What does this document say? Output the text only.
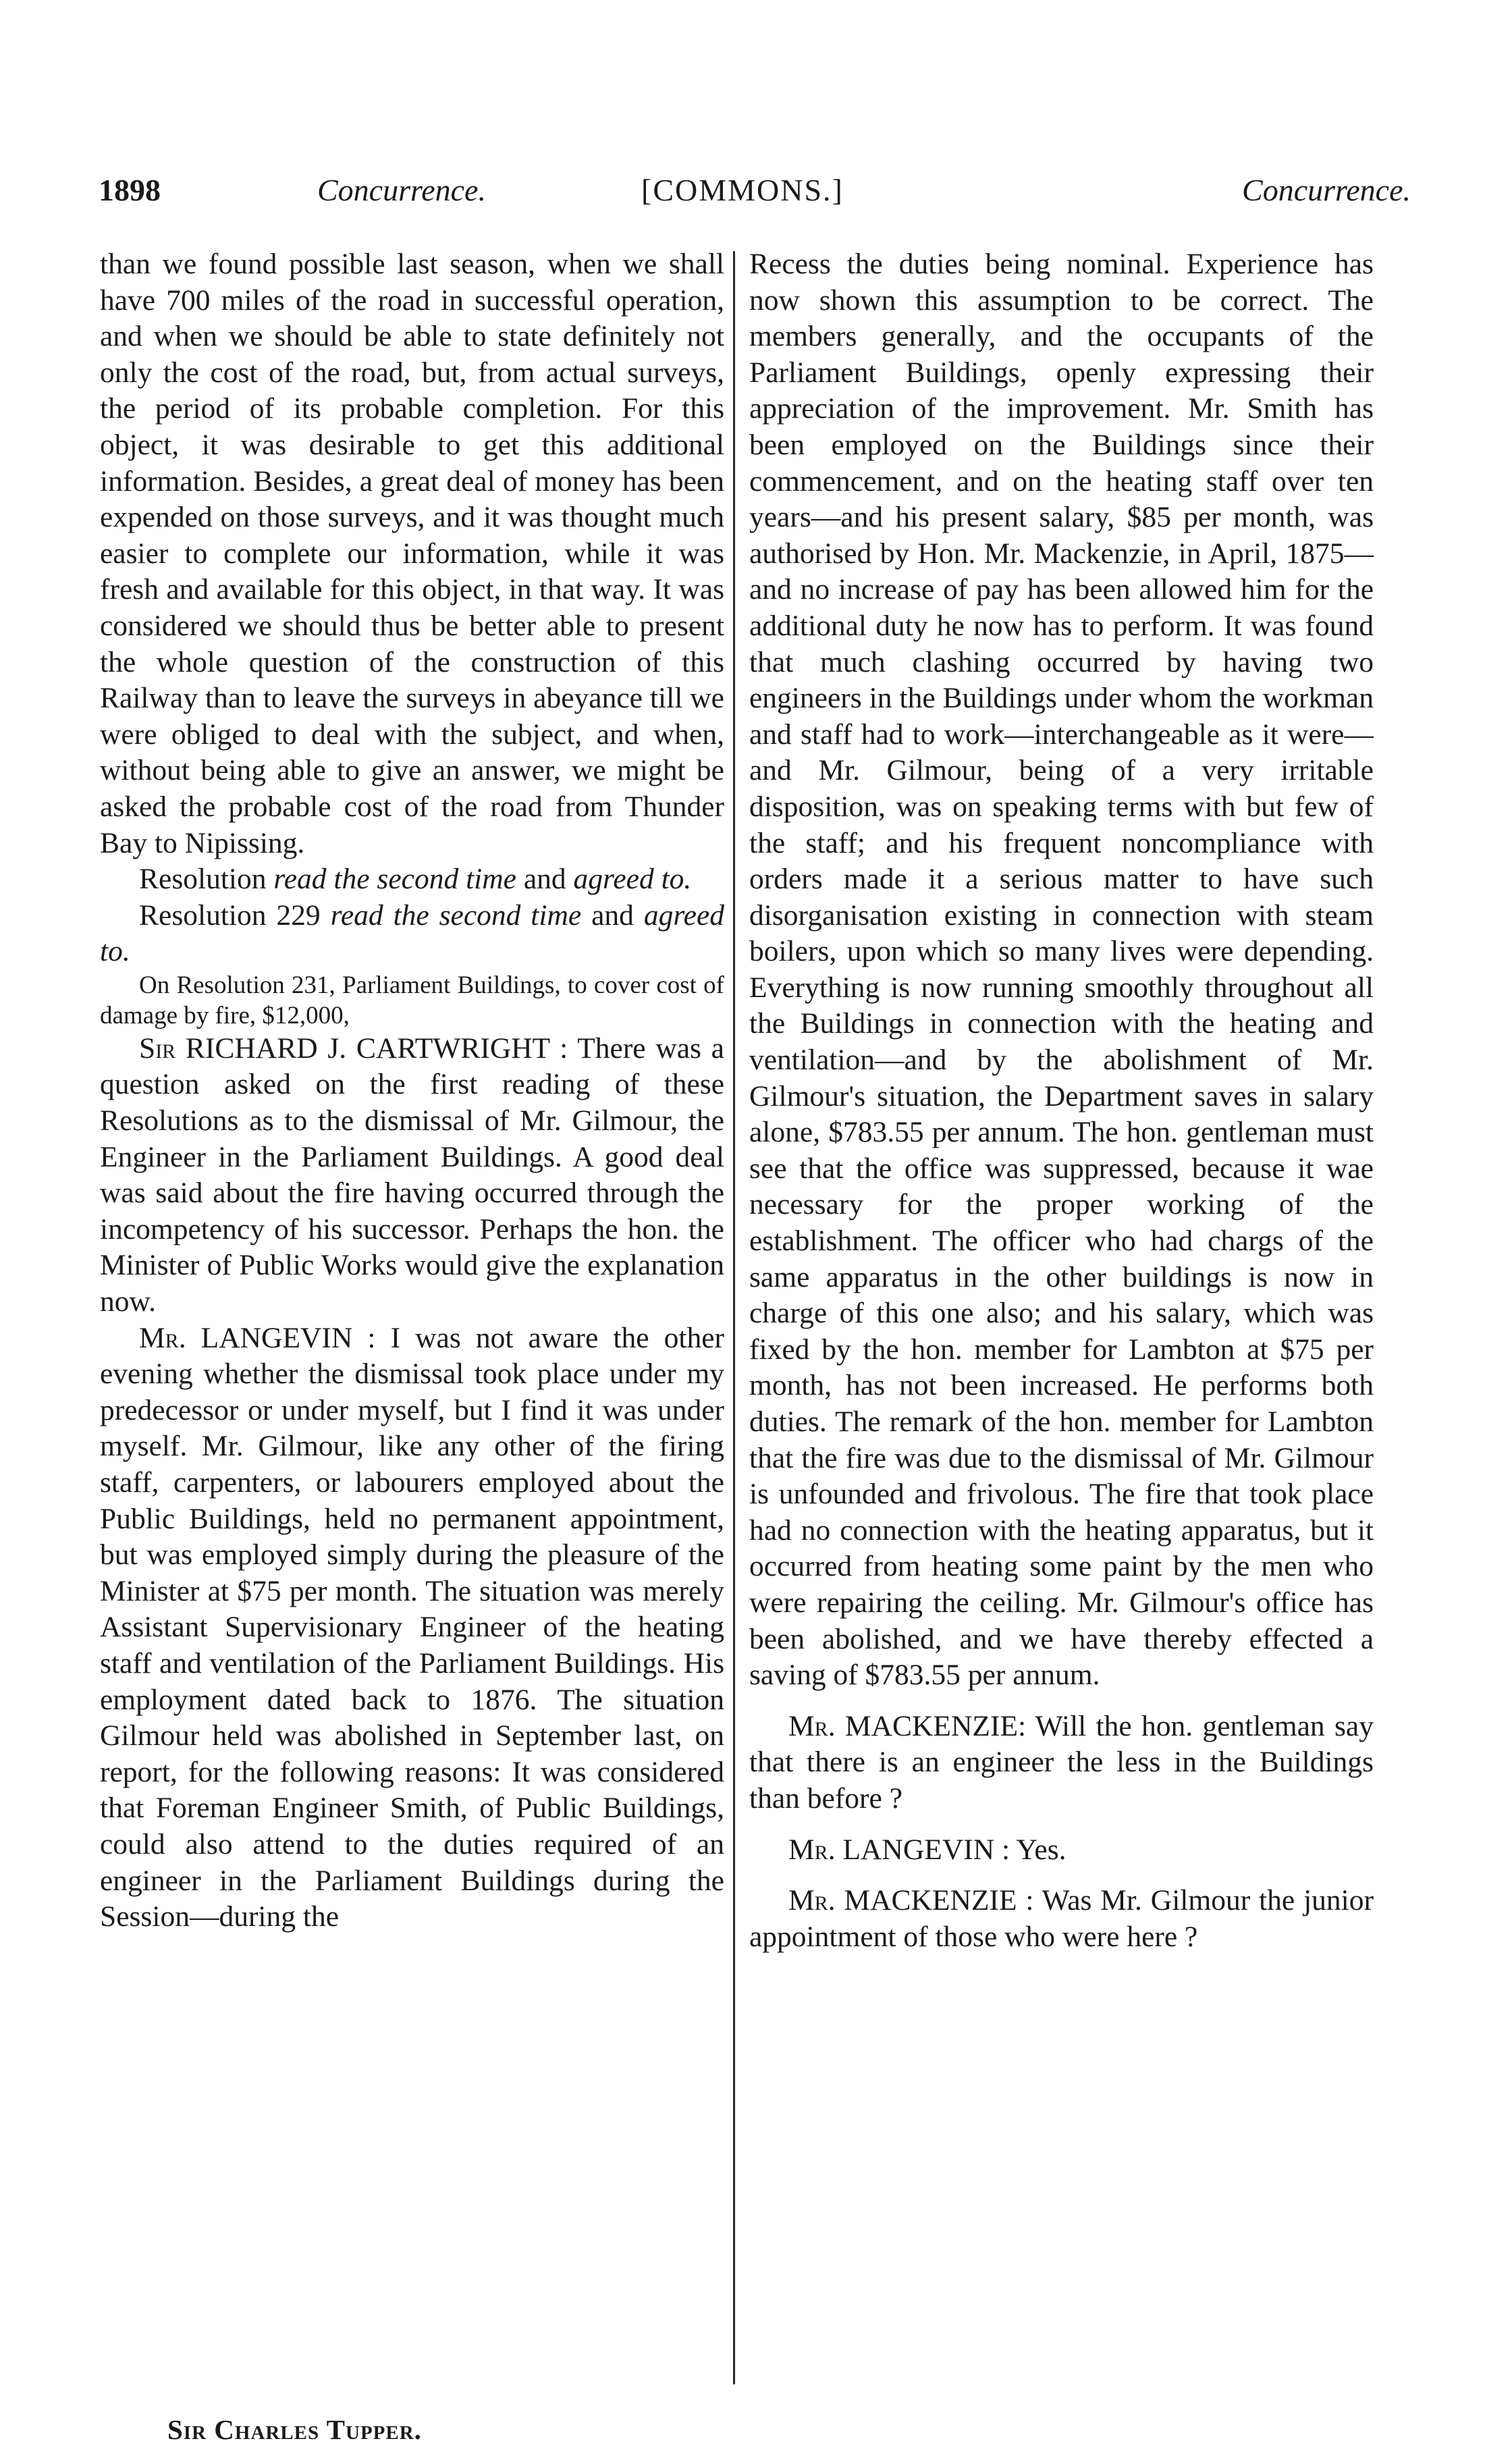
1898	Concurrence.	[COMMONS.]	Concurrence.

than we found possible last season, when we shall have 700 miles of the road in successful operation, and when we should be able to state definitely not only the cost of the road, but, from actual surveys, the period of its probable completion. For this object, it was desirable to get this additional information. Besides, a great deal of money has been expended on those surveys, and it was thought much easier to complete our information, while it was fresh and available for this object, in that way. It was considered we should thus be better able to present the whole question of the construction of this Railway than to leave the surveys in abeyance till we were obliged to deal with the subject, and when, without being able to give an answer, we might be asked the probable cost of the road from Thunder Bay to Nipissing.

Resolution read the second time and agreed to.

Resolution 229 read the second time and agreed to.

On Resolution 231, Parliament Buildings, to cover cost of damage by fire, $12,000,

Sir RICHARD J. CARTWRIGHT : There was a question asked on the first reading of these Resolutions as to the dismissal of Mr. Gilmour, the Engineer in the Parliament Buildings. A good deal was said about the fire having occurred through the incompetency of his successor. Perhaps the hon. the Minister of Public Works would give the explanation now.

Mr. LANGEVIN : I was not aware the other evening whether the dismissal took place under my predecessor or under myself, but I find it was under myself. Mr. Gilmour, like any other of the firing staff, carpenters, or labourers employed about the Public Buildings, held no permanent appointment, but was employed simply during the pleasure of the Minister at $75 per month. The situation was merely Assistant Supervisionary Engineer of the heating staff and ventilation of the Parliament Buildings. His employment dated back to 1876. The situation Gilmour held was abolished in September last, on report, for the following reasons: It was considered that Foreman Engineer Smith, of Public Buildings, could also attend to the duties required of an engineer in the Parliament Buildings during the Session—during the

Recess the duties being nominal. Experience has now shown this assumption to be correct. The members generally, and the occupants of the Parliament Buildings, openly expressing their appreciation of the improvement. Mr. Smith has been employed on the Buildings since their commencement, and on the heating staff over ten years—and his present salary, $85 per month, was authorised by Hon. Mr. Mackenzie, in April, 1875—and no increase of pay has been allowed him for the additional duty he now has to perform. It was found that much clashing occurred by having two engineers in the Buildings under whom the workman and staff had to work—interchangeable as it were—and Mr. Gilmour, being of a very irritable disposition, was on speaking terms with but few of the staff; and his frequent noncompliance with orders made it a serious matter to have such disorganisation existing in connection with steam boilers, upon which so many lives were depending. Everything is now running smoothly throughout all the Buildings in connection with the heating and ventilation—and by the abolishment of Mr. Gilmour's situation, the Department saves in salary alone, $783.55 per annum. The hon. gentleman must see that the office was suppressed, because it wae necessary for the proper working of the establishment. The officer who had chargs of the same apparatus in the other buildings is now in charge of this one also; and his salary, which was fixed by the hon. member for Lambton at $75 per month, has not been increased. He performs both duties. The remark of the hon. member for Lambton that the fire was due to the dismissal of Mr. Gilmour is unfounded and frivolous. The fire that took place had no connection with the heating apparatus, but it occurred from heating some paint by the men who were repairing the ceiling. Mr. Gilmour's office has been abolished, and we have thereby effected a saving of $783.55 per annum.

Mr. MACKENZIE: Will the hon. gentleman say that there is an engineer the less in the Buildings than before ?

Mr. LANGEVIN : Yes.

Mr. MACKENZIE : Was Mr. Gilmour the junior appointment of those who were here ?

Sir Charles Tupper.
